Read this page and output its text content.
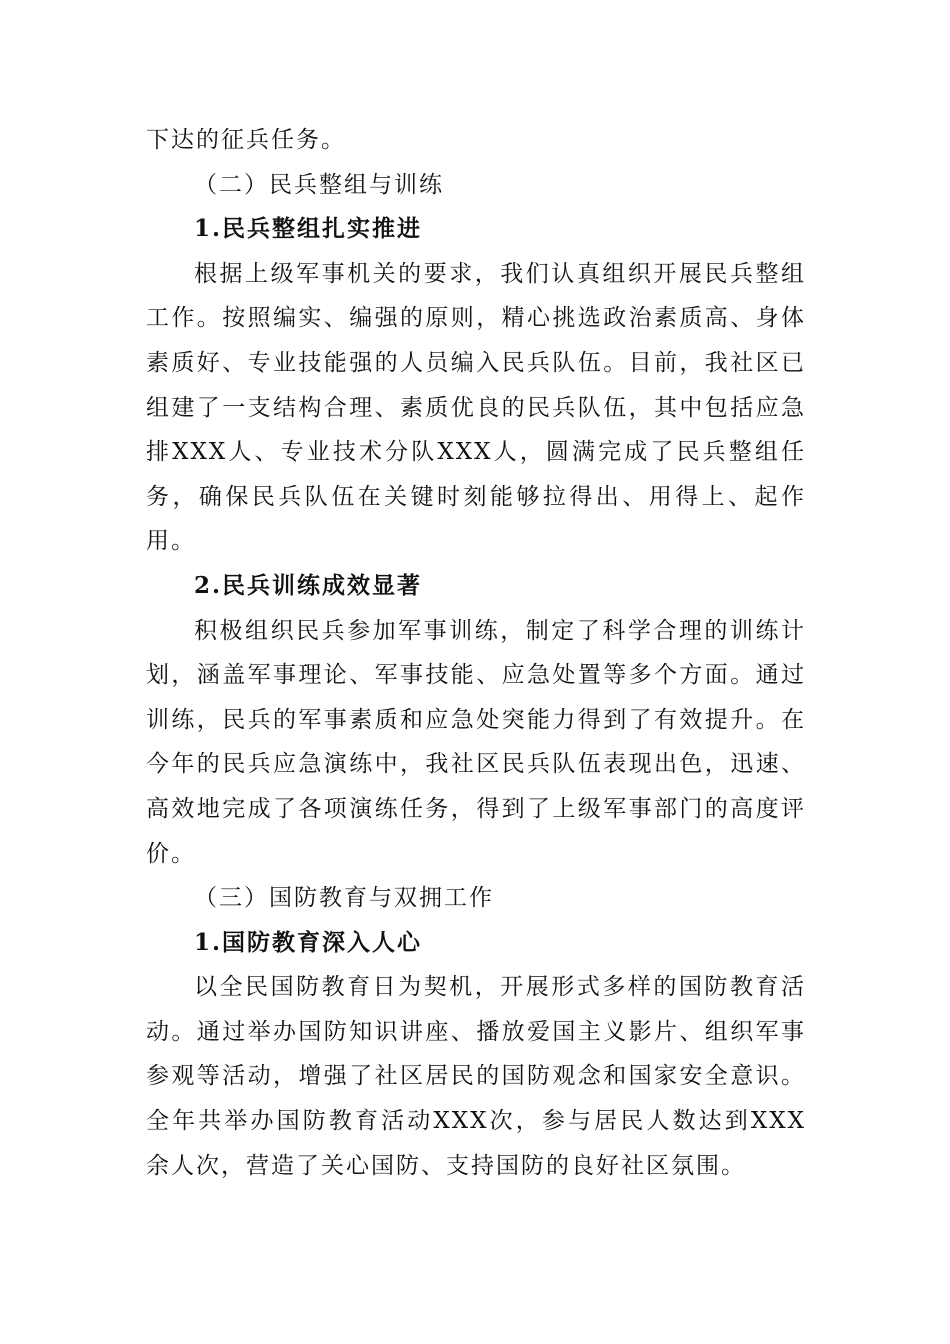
下达的征兵任务。

（二）民兵整组与训练

1.民兵整组扎实推进

根据上级军事机关的要求，我们认真组织开展民兵整组工作。按照编实、编强的原则，精心挑选政治素质高、身体素质好、专业技能强的人员编入民兵队伍。目前，我社区已组建了一支结构合理、素质优良的民兵队伍，其中包括应急排XXX人、专业技术分队XXX人，圆满完成了民兵整组任务，确保民兵队伍在关键时刻能够拉得出、用得上、起作用。

2.民兵训练成效显著

积极组织民兵参加军事训练，制定了科学合理的训练计划，涵盖军事理论、军事技能、应急处置等多个方面。通过训练，民兵的军事素质和应急处突能力得到了有效提升。在今年的民兵应急演练中，我社区民兵队伍表现出色，迅速、高效地完成了各项演练任务，得到了上级军事部门的高度评价。

（三）国防教育与双拥工作

1.国防教育深入人心

以全民国防教育日为契机，开展形式多样的国防教育活动。通过举办国防知识讲座、播放爱国主义影片、组织军事参观等活动，增强了社区居民的国防观念和国家安全意识。全年共举办国防教育活动XXX次，参与居民人数达到XXX余人次，营造了关心国防、支持国防的良好社区氛围。
